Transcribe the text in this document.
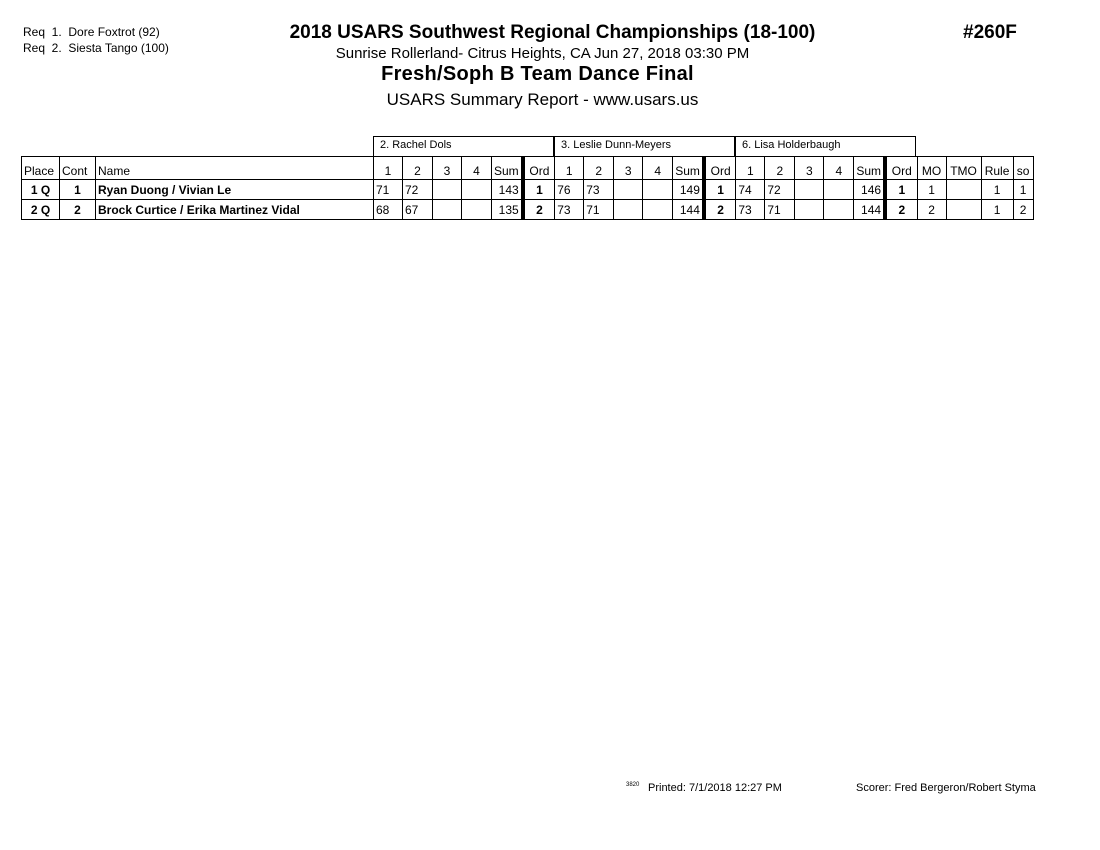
Req  1.  Dore Foxtrot (92)
Req  2.  Siesta Tango (100)
2018 USARS Southwest Regional Championships (18-100)
Sunrise Rollerland- Citrus Heights, CA Jun 27, 2018 03:30 PM
Fresh/Soph B Team Dance Final
USARS Summary Report - www.usars.us
#260F
2. Rachel Dols	3. Leslie Dunn-Meyers	6. Lisa Holderbaugh
Place	Cont	Name	1	2	3	4	Sum	Ord	1	2	3	4	Sum	Ord	1	2	3	4	Sum	Ord	MO	TMO	Rule	so
1 Q	1	Ryan Duong / Vivian Le	71	72			143	1	76	73			149	1	74	72			146	1	1		1	1
2 Q	2	Brock Curtice / Erika Martinez Vidal	68	67			135	2	73	71			144	2	73	71			144	2	2		1	2
3820 Printed: 7/1/2018 12:27 PM	Scorer: Fred Bergeron/Robert Styma
